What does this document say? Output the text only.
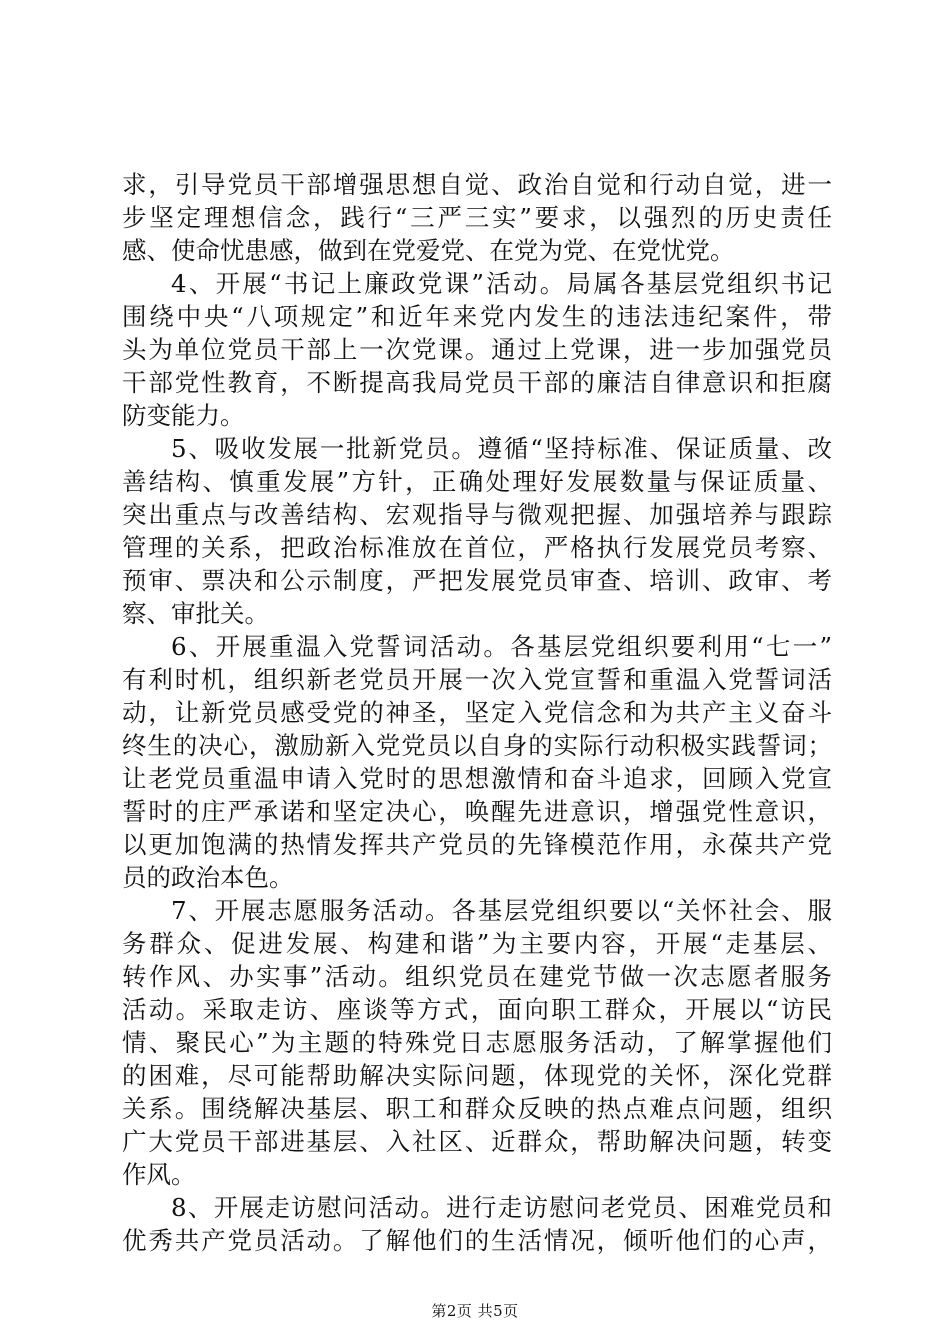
求，引导党员干部增强思想自觉、政治自觉和行动自觉，进一
步坚定理想信念，践行“三严三实”要求，以强烈的历史责任
感、使命忧患感，做到在党爱党、在党为党、在党忧党。
4、开展“书记上廉政党课”活动。局属各基层党组织书记
围绕中央“八项规定”和近年来党内发生的违法违纪案件，带
头为单位党员干部上一次党课。通过上党课，进一步加强党员
干部党性教育，不断提高我局党员干部的廉洁自律意识和拒腐
防变能力。
5、吸收发展一批新党员。遵循“坚持标准、保证质量、改
善结构、慎重发展”方针，正确处理好发展数量与保证质量、
突出重点与改善结构、宏观指导与微观把握、加强培养与跟踪
管理的关系，把政治标准放在首位，严格执行发展党员考察、
预审、票决和公示制度，严把发展党员审查、培训、政审、考
察、审批关。
6、开展重温入党誓词活动。各基层党组织要利用“七一”
有利时机，组织新老党员开展一次入党宣誓和重温入党誓词活
动，让新党员感受党的神圣，坚定入党信念和为共产主义奋斗
终生的决心，激励新入党党员以自身的实际行动积极实践誓词；
让老党员重温申请入党时的思想激情和奋斗追求，回顾入党宣
誓时的庄严承诺和坚定决心，唤醒先进意识，增强党性意识，
以更加饱满的热情发挥共产党员的先锋模范作用，永葆共产党
员的政治本色。
7、开展志愿服务活动。各基层党组织要以“关怀社会、服
务群众、促进发展、构建和谐”为主要内容，开展“走基层、
转作风、办实事”活动。组织党员在建党节做一次志愿者服务
活动。采取走访、座谈等方式，面向职工群众，开展以“访民
情、聚民心”为主题的特殊党日志愿服务活动，了解掌握他们
的困难，尽可能帮助解决实际问题，体现党的关怀，深化党群
关系。围绕解决基层、职工和群众反映的热点难点问题，组织
广大党员干部进基层、入社区、近群众，帮助解决问题，转变
作风。
8、开展走访慰问活动。进行走访慰问老党员、困难党员和
优秀共产党员活动。了解他们的生活情况，倾听他们的心声，
第2页 共5页
